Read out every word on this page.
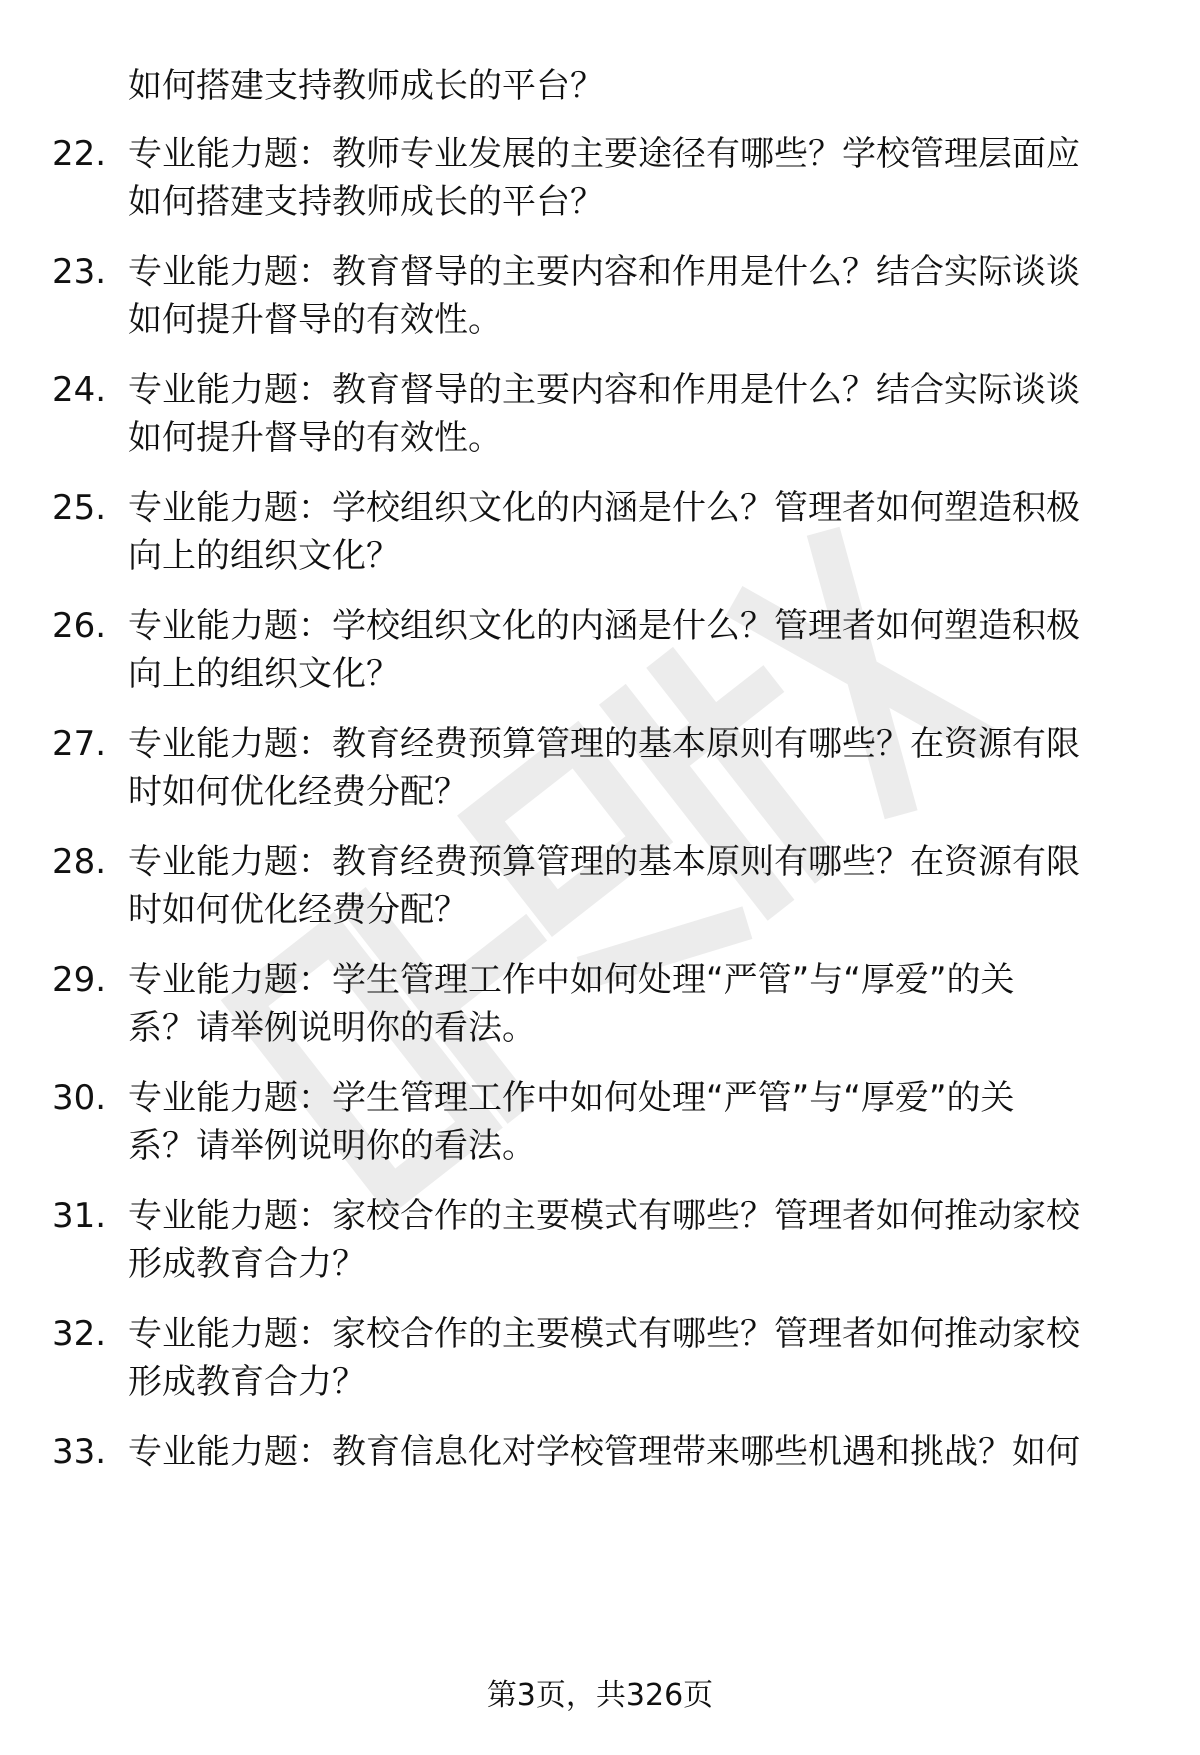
如何搭建支持教师成长的平台？
22. 专业能力题：教师专业发展的主要途径有哪些？学校管理层面应
如何搭建支持教师成长的平台？
23. 专业能力题：教育督导的主要内容和作用是什么？结合实际谈谈
如何提升督导的有效性。
24. 专业能力题：教育督导的主要内容和作用是什么？结合实际谈谈
如何提升督导的有效性。
25. 专业能力题：学校组织文化的内涵是什么？管理者如何塑造积极
向上的组织文化？
26. 专业能力题：学校组织文化的内涵是什么？管理者如何塑造积极
向上的组织文化？
27. 专业能力题：教育经费预算管理的基本原则有哪些？在资源有限
时如何优化经费分配？
28. 专业能力题：教育经费预算管理的基本原则有哪些？在资源有限
时如何优化经费分配？
29. 专业能力题：学生管理工作中如何处理“严管”与“厚爱”的关
系？请举例说明你的看法。
30. 专业能力题：学生管理工作中如何处理“严管”与“厚爱”的关
系？请举例说明你的看法。
31. 专业能力题：家校合作的主要模式有哪些？管理者如何推动家校
形成教育合力？
32. 专业能力题：家校合作的主要模式有哪些？管理者如何推动家校
形成教育合力？
33. 专业能力题：教育信息化对学校管理带来哪些机遇和挑战？如何
第3页，共326页
